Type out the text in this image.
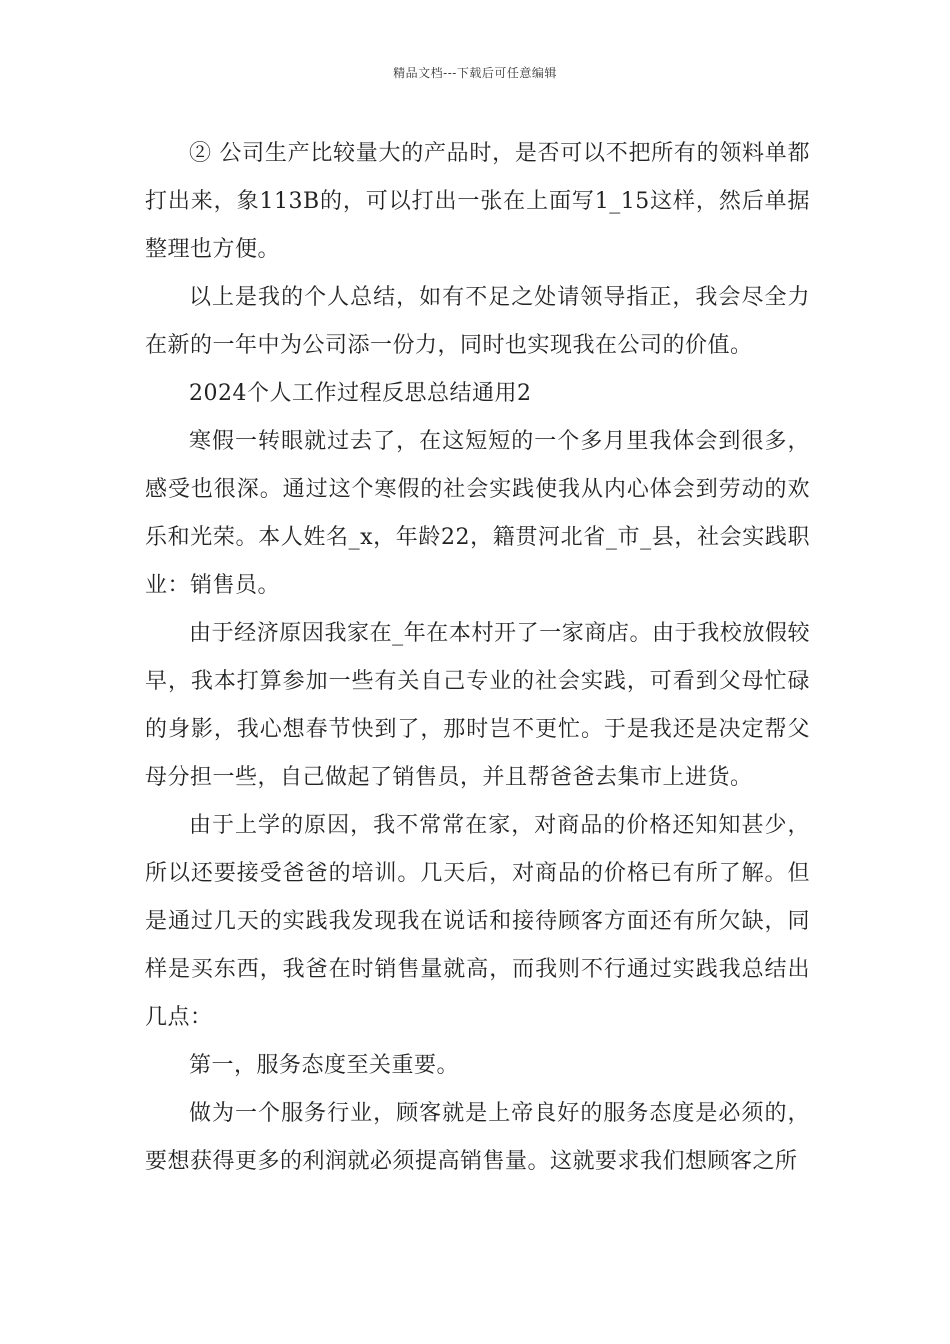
精品文档---下载后可任意编辑

② 公司生产比较量大的产品时，是否可以不把所有的领料单都打出来，象113B的，可以打出一张在上面写1_15这样，然后单据整理也方便。

以上是我的个人总结，如有不足之处请领导指正，我会尽全力在新的一年中为公司添一份力，同时也实现我在公司的价值。

2024个人工作过程反思总结通用2

寒假一转眼就过去了，在这短短的一个多月里我体会到很多，感受也很深。通过这个寒假的社会实践使我从内心体会到劳动的欢乐和光荣。本人姓名_x，年龄22，籍贯河北省_市_县，社会实践职业：销售员。

由于经济原因我家在_年在本村开了一家商店。由于我校放假较早，我本打算参加一些有关自己专业的社会实践，可看到父母忙碌的身影，我心想春节快到了，那时岂不更忙。于是我还是决定帮父母分担一些，自己做起了销售员，并且帮爸爸去集市上进货。

由于上学的原因，我不常常在家，对商品的价格还知知甚少，所以还要接受爸爸的培训。几天后，对商品的价格已有所了解。但是通过几天的实践我发现我在说话和接待顾客方面还有所欠缺，同样是买东西，我爸在时销售量就高，而我则不行通过实践我总结出几点：

第一，服务态度至关重要。

做为一个服务行业，顾客就是上帝良好的服务态度是必须的，要想获得更多的利润就必须提高销售量。这就要求我们想顾客之所
